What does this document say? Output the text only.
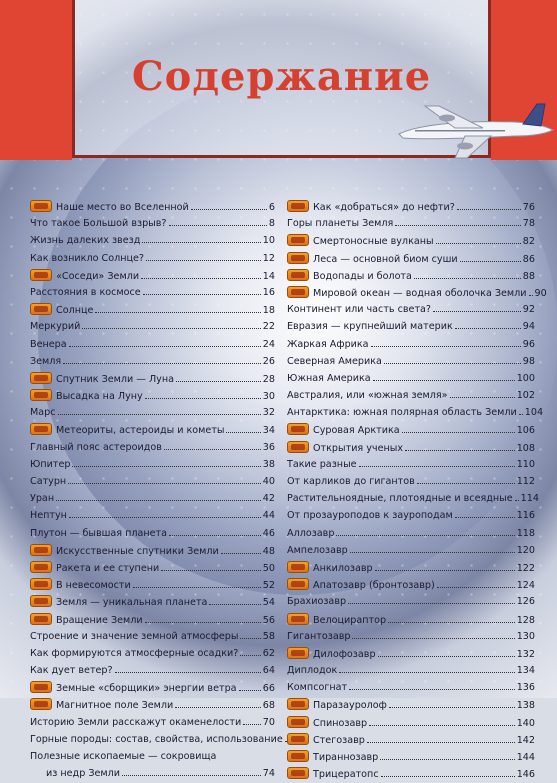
Содержание
Наше место во Вселенной	6
Что такое Большой взрыв?	8
Жизнь далеких звезд	10
Как возникло Солнце?	12
«Соседи» Земли	14
Расстояния в космосе	16
Солнце	18
Меркурий	22
Венера	24
Земля	26
Спутник Земли — Луна	28
Высадка на Луну	30
Марс	32
Метеориты, астероиды и кометы	34
Главный пояс астероидов	36
Юпитер	38
Сатурн	40
Уран	42
Нептун	44
Плутон — бывшая планета	46
Искусственные спутники Земли	48
Ракета и ее ступени	50
В невесомости	52
Земля — уникальная планета	54
Вращение Земли	56
Строение и значение земной атмосферы	58
Как формируются атмосферные осадки?	62
Как дует ветер?	64
Земные «сборщики» энергии ветра	66
Магнитное поле Земли	68
Историю Земли расскажут окаменелости 70
Горные породы: состав, свойства, использование
Полезные ископаемые — сокровища
из недр Земли	74
Как «добраться» до нефти?	76
Горы планеты Земля	78
Смертоносные вулканы	82
Леса — основной биом суши	86
Водопады и болота	88
Мировой океан — водная оболочка Земли 90
Континент или часть света?	92
Евразия — крупнейший материк	94
Жаркая Африка	96
Северная Америка	98
Южная Америка	100
Австралия, или «южная земля»	102
Антарктика: южная полярная область Земли 104
Суровая Арктика	106
Открытия ученых	108
Такие разные	110
От карликов до гигантов	112
Растительноядные, плотоядные и всеядные 114
От прозауроподов к зауроподам	116
Аллозавр	118
Ампелозавр	120
Анкилозавр	122
Апатозавр (бронтозавр)	124
Брахиозавр	126
Велоцираптор	128
Гигантозавр	130
Дилофозавр	132
Диплодок	134
Компсогнат	136
Паразауролоф	138
Спинозавр	140
Стегозавр	142
Тираннозавр	144
Трицератопс	146
